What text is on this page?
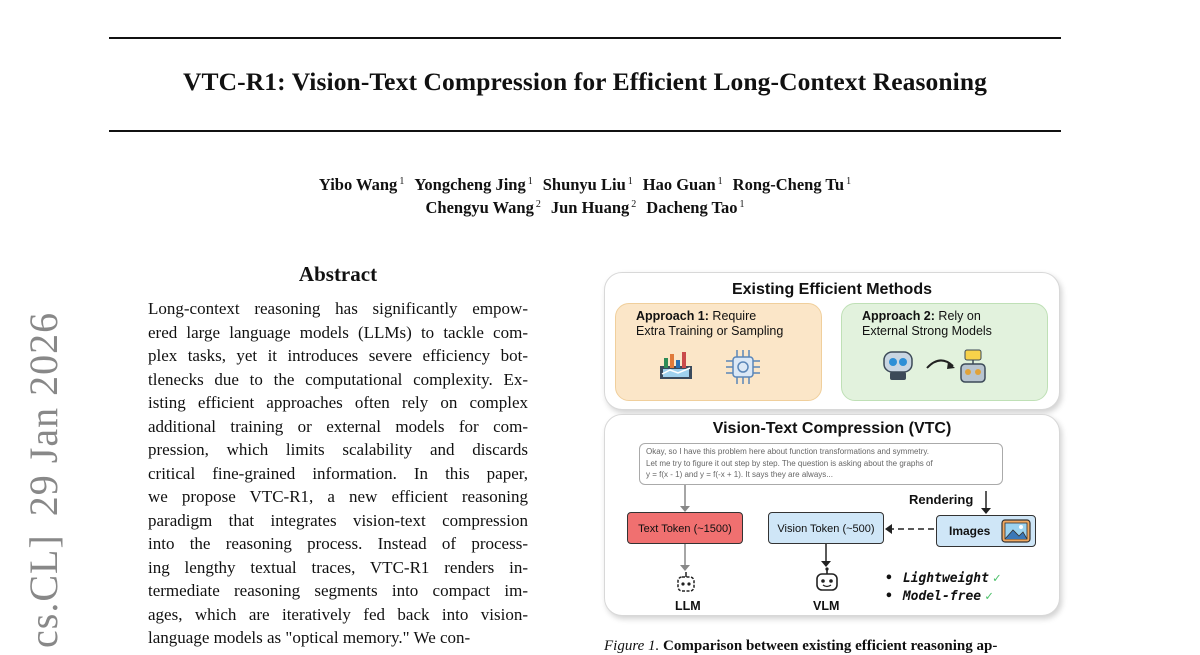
VTC-R1: Vision-Text Compression for Efficient Long-Context Reasoning
Yibo Wang $^1$ Yongcheng Jing $^1$ Shunyu Liu $^1$ Hao Guan $^1$ Rong-Cheng Tu $^1$
Chengyu Wang $^2$ Jun Huang $^2$ Dacheng Tao $^1$
cs.CL]29 Jan 2026
Abstract
Long-context reasoning has significantly empow-
ered large language models (LLMs) to tackle com-
plex tasks, yet it introduces severe efficiency bot-
tlenecks due to the computational complexity. Ex-
isting efficient approaches often rely on complex
additional training or external models for com-
pression, which limits scalability and discards
critical fine-grained information. In this paper,
we propose VTC-R1, a new efficient reasoning
paradigm that integrates vision-text compression
into the reasoning process. Instead of process-
ing lengthy textual traces, VTC-R1 renders in-
termediate reasoning segments into compact im-
ages, which are iteratively fed back into vision-
language models as "optical memory." We con-
Existing Efficient Methods
Approach 1: Require
Extra Training or Sampling
Approach 2: Rely on
External Strong Models
Vision-Text Compression (VTC)
Okay, so I have this problem here about function transformations and symmetry.
Let me try to figure it out step by step. The question is asking about the graphs of
y = f(x - 1) and y = f(-x + 1). It says they are always...
Rendering
Text Token (~1500)	Vision Token (~500)	Images
LLM	VLM
• Lightweight ✓
• Model-free ✓
Figure 1. Comparison between existing efficient reasoning ap-
